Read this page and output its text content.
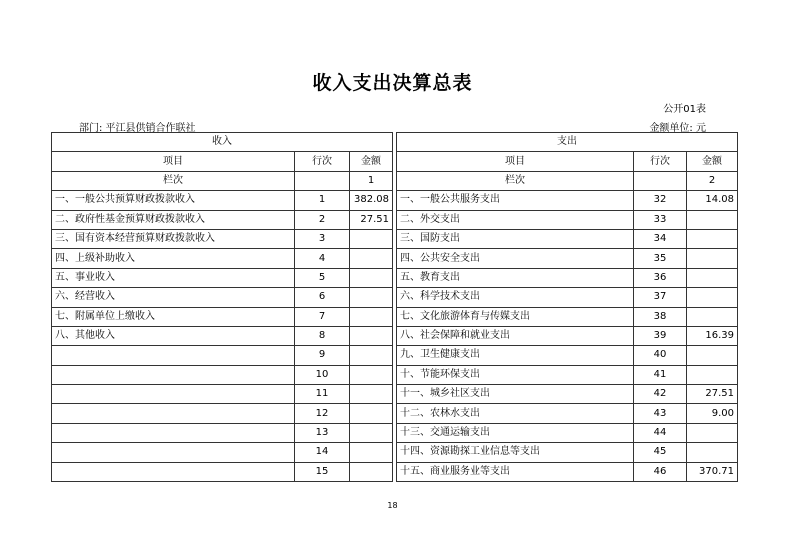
收入支出决算总表
公开01表
部门: 平江县供销合作联社	金额单位: 元
收入				支出		
项目	行次	金额		项目	行次	金额
栏次		1		栏次		2
一、一般公共预算财政拨款收入	1	382.08		一、一般公共服务支出	32	14.08
二、政府性基金预算财政拨款收入	2	27.51		二、外交支出	33	
三、国有资本经营预算财政拨款收入	3			三、国防支出	34	
四、上级补助收入	4			四、公共安全支出	35	
五、事业收入	5			五、教育支出	36	
六、经营收入	6			六、科学技术支出	37	
七、附属单位上缴收入	7			七、文化旅游体育与传媒支出	38	
八、其他收入	8			八、社会保障和就业支出	39	16.39
	9			九、卫生健康支出	40	
	10			十、节能环保支出	41	
	11			十一、城乡社区支出	42	27.51
	12			十二、农林水支出	43	9.00
	13			十三、交通运输支出	44	
	14			十四、资源勘探工业信息等支出	45	
	15			十五、商业服务业等支出	46	370.71
18
